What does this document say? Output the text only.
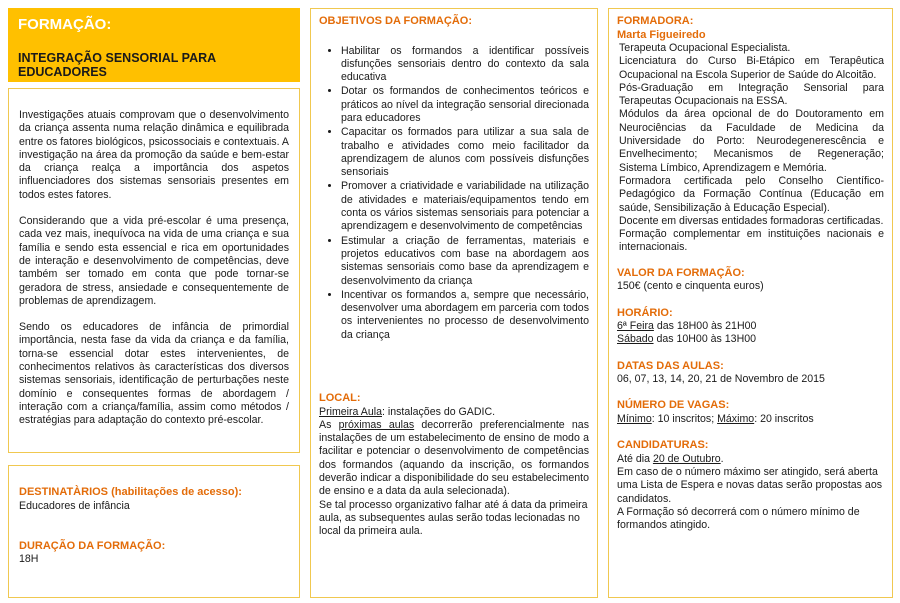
FORMAÇÃO:
INTEGRAÇÃO SENSORIAL PARA EDUCADORES

Investigações atuais comprovam que o desenvolvimento da criança assenta numa relação dinâmica e equilibrada entre os fatores biológicos, psicossociais e contextuais. A investigação na área da promoção da saúde e bem-estar da criança realça a importância dos aspetos influenciadores dos sistemas sensoriais presentes em todos estes fatores.

Considerando que a vida pré-escolar é uma presença, cada vez mais, inequívoca na vida de uma criança e sua família e sendo esta essencial e rica em oportunidades de interação e desenvolvimento de competências, deve também ser tomado em conta que pode tornar-se geradora de stress, ansiedade e consequentemente de problemas de aprendizagem.

Sendo os educadores de infância de primordial importância, nesta fase da vida da criança e da família, torna-se essencial dotar estes intervenientes, de conhecimentos relativos às características dos diversos sistemas sensoriais, identificação de perturbações neste domínio e consequentes formas de abordagem / interação com a criança/família, assim como métodos / estratégias para adaptação do contexto pré-escolar.

DESTINATÀRIOS (habilitações de acesso):

Educadores de infância

DURAÇÃO DA FORMAÇÃO:

18H

OBJETIVOS DA FORMAÇÃO:

• Habilitar os formandos a identificar possíveis disfunções sensoriais dentro do contexto da sala educativa
• Dotar os formandos de conhecimentos teóricos e práticos ao nível da integração sensorial direcionada para educadores
• Capacitar os formados para utilizar a sua sala de trabalho e atividades como meio facilitador da aprendizagem de alunos com possíveis disfunções sensoriais
• Promover a criatividade e variabilidade na utilização de atividades e materiais/equipamentos tendo em conta os vários sistemas sensoriais para potenciar a aprendizagem e desenvolvimento de competências
• Estimular a criação de ferramentas, materiais e projetos educativos com base na abordagem aos sistemas sensoriais como base da aprendizagem e desenvolvimento da criança
• Incentivar os formandos a, sempre que necessário, desenvolver uma abordagem em parceria com todos os intervenientes no processo de desenvolvimento da criança

LOCAL:

Primeira Aula: instalações do GADIC.

As próximas aulas decorrerão preferencialmente nas instalações de um estabelecimento de ensino de modo a facilitar e potenciar o desenvolvimento de competências dos formandos (aquando da inscrição, os formandos deverão indicar a disponibilidade do seu estabelecimento de ensino e a data da aula selecionada).

Se tal processo organizativo falhar até á data da primeira aula, as subsequentes aulas serão todas lecionadas no local da primeira aula.

FORMADORA:

Marta Figueiredo

Terapeuta Ocupacional Especialista.

Licenciatura do Curso Bi-Etápico em Terapêutica Ocupacional na Escola Superior de Saúde do Alcoitão.

Pós-Graduação em Integração Sensorial para Terapeutas Ocupacionais na ESSA.

Módulos da área opcional de do Doutoramento em Neurociências da Faculdade de Medicina da Universidade do Porto: Neurodegenerescência e Envelhecimento; Mecanismos de Regeneração; Sistema Límbico, Aprendizagem e Memória.

Formadora certificada pelo Conselho Científico-Pedagógico da Formação Contínua (Educação em saúde, Sensibilização à Educação Especial).

Docente em diversas entidades formadoras certificadas.

Formação complementar em instituições nacionais e internacionais.

VALOR DA FORMAÇÃO:

150€ (cento e cinquenta euros)

HORÁRIO:

6ª Feira das 18H00 às 21H00

Sábado das 10H00 às 13H00

DATAS DAS AULAS:

06, 07, 13, 14, 20, 21 de Novembro de 2015

NÚMERO DE VAGAS:

Mínimo: 10 inscritos; Máximo: 20 inscritos

CANDIDATURAS:

Até dia 20 de Outubro.

Em caso de o número máximo ser atingido, será aberta uma Lista de Espera e novas datas serão propostas aos candidatos.

A Formação só decorrerá com o número mínimo de formandos atingido.
